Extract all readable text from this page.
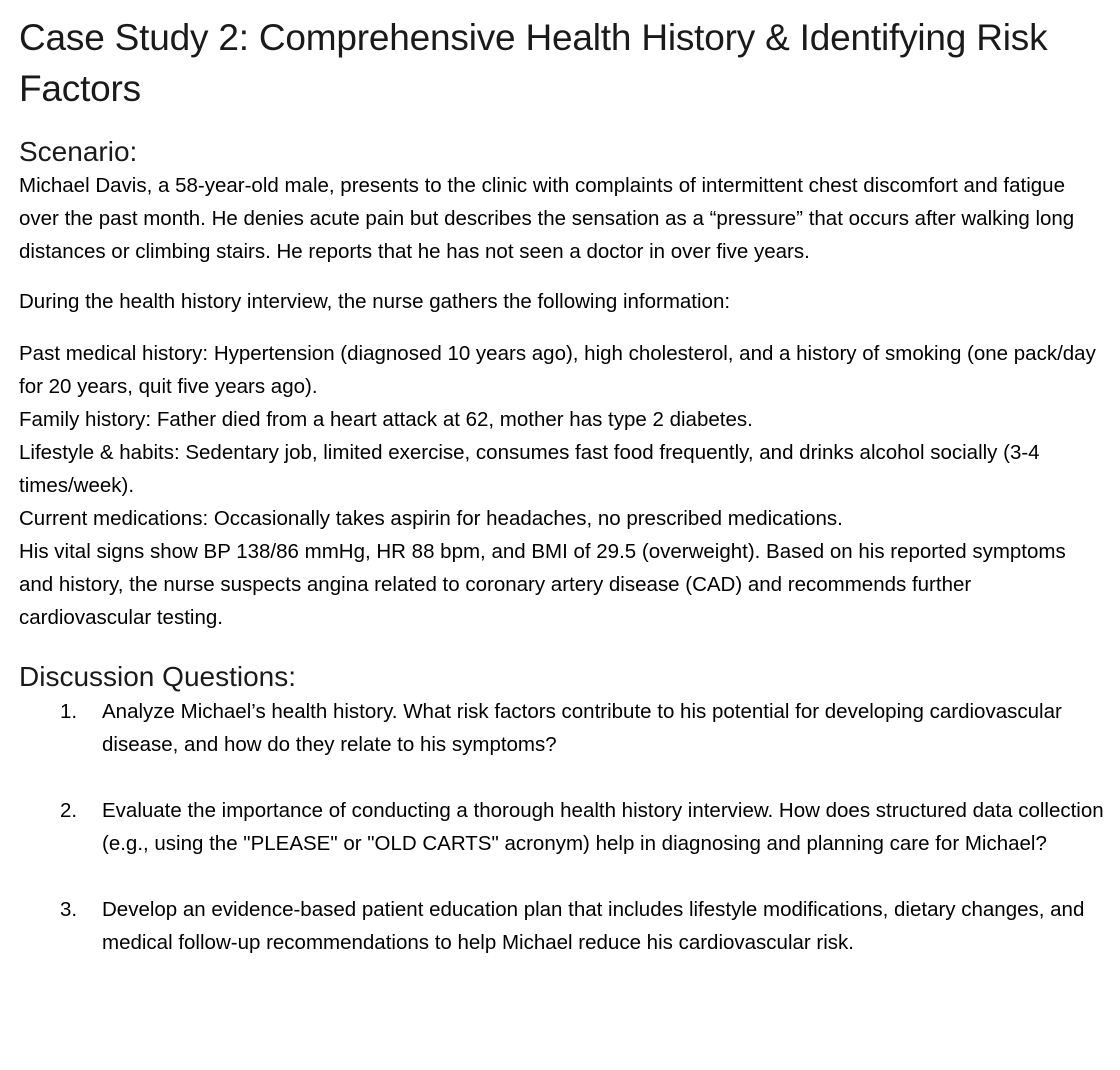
Case Study 2: Comprehensive Health History & Identifying Risk Factors
Scenario:

Michael Davis, a 58-year-old male, presents to the clinic with complaints of intermittent chest discomfort and fatigue over the past month. He denies acute pain but describes the sensation as a “pressure” that occurs after walking long distances or climbing stairs. He reports that he has not seen a doctor in over five years.

During the health history interview, the nurse gathers the following information:

Past medical history: Hypertension (diagnosed 10 years ago), high cholesterol, and a history of smoking (one pack/day for 20 years, quit five years ago).

Family history: Father died from a heart attack at 62, mother has type 2 diabetes.

Lifestyle & habits: Sedentary job, limited exercise, consumes fast food frequently, and drinks alcohol socially (3-4 times/week).

Current medications: Occasionally takes aspirin for headaches, no prescribed medications.

His vital signs show BP 138/86 mmHg, HR 88 bpm, and BMI of 29.5 (overweight). Based on his reported symptoms and history, the nurse suspects angina related to coronary artery disease (CAD) and recommends further cardiovascular testing.

Discussion Questions:
1. Analyze Michael’s health history. What risk factors contribute to his potential for developing cardiovascular disease, and how do they relate to his symptoms?
2. Evaluate the importance of conducting a thorough health history interview. How does structured data collection (e.g., using the "PLEASE" or "OLD CARTS" acronym) help in diagnosing and planning care for Michael?
3. Develop an evidence-based patient education plan that includes lifestyle modifications, dietary changes, and medical follow-up recommendations to help Michael reduce his cardiovascular risk.
